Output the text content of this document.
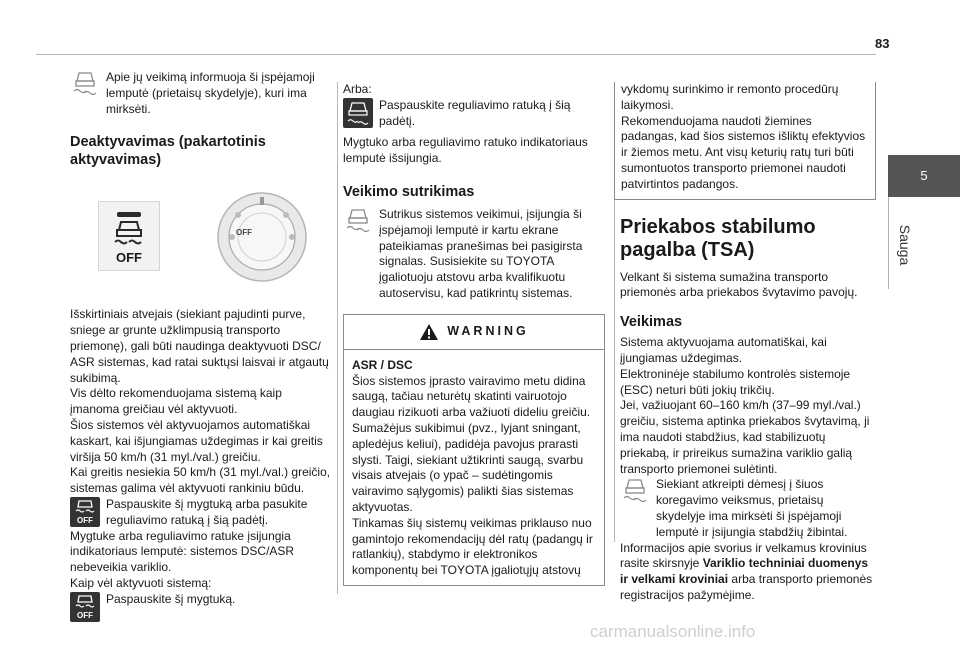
83
5
Sauga

Apie jų veikimą informuoja ši įspėjamoji lemputė (prietaisų skydelyje), kuri ima mirksėti.

Deaktyvavimas (pakartotinis aktyvavimas)

OFF
OFF

Išskirtiniais atvejais (siekiant pajudinti purve, sniege ar grunte užklimpusią transporto priemonę), gali būti naudinga deaktyvuoti DSC/ ASR sistemas, kad ratai suktųsi laisvai ir atgautų sukibimą.

Vis dėlto rekomenduojama sistemą kaip įmanoma greičiau vėl aktyvuoti.

Šios sistemos vėl aktyvuojamos automatiškai kaskart, kai išjungiamas uždegimas ir kai greitis viršija 50 km/h (31 myl./val.) greičiu.

Kai greitis nesiekia 50 km/h (31 myl./val.) greičio, sistemas galima vėl aktyvuoti rankiniu būdu.

OFF
Paspauskite šį mygtuką arba pasukite reguliavimo ratuką į šią padėtį.

Mygtuke arba reguliavimo ratuke įsijungia indikatoriaus lemputė: sistemos DSC/ASR nebeveikia variklio.

Kaip vėl aktyvuoti sistemą:

OFF
Paspauskite šį mygtuką.

Arba:

Paspauskite reguliavimo ratuką į šią padėtį.

Mygtuko arba reguliavimo ratuko indikatoriaus lemputė išsijungia.

Veikimo sutrikimas

Sutrikus sistemos veikimui, įsijungia ši įspėjamoji lemputė ir kartu ekrane pateikiamas pranešimas bei pasigirsta signalas. Susisiekite su TOYOTA įgaliotuoju atstovu arba kvalifikuotu autoservisu, kad patikrintų sistemas.

WARNING

ASR / DSC

Šios sistemos įprasto vairavimo metu didina saugą, tačiau neturėtų skatinti vairuotojo daugiau rizikuoti arba važiuoti dideliu greičiu.

Sumažėjus sukibimui (pvz., lyjant sningant, apledėjus keliui), padidėja pavojus prarasti slysti. Taigi, siekiant užtikrinti saugą, svarbu visais atvejais (o ypač – sudėtingomis vairavimo sąlygomis) palikti šias sistemas aktyvuotas.

Tinkamas šių sistemų veikimas priklauso nuo gamintojo rekomendacijų dėl ratų (padangų ir ratlankių), stabdymo ir elektronikos komponentų bei TOYOTA įgaliotųjų atstovų

vykdomų surinkimo ir remonto procedūrų laikymosi.

Rekomenduojama naudoti žiemines padangas, kad šios sistemos išliktų efektyvios ir žiemos metu. Ant visų keturių ratų turi būti sumontuotos transporto priemonei naudoti patvirtintos padangos.

Priekabos stabilumo pagalba (TSA)

Velkant ši sistema sumažina transporto priemonės arba priekabos švytavimo pavojų.

Veikimas

Sistema aktyvuojama automatiškai, kai įjungiamas uždegimas.

Elektroninėje stabilumo kontrolės sistemoje (ESC) neturi būti jokių trikčių.

Jei, važiuojant 60–160 km/h (37–99 myl./val.) greičiu, sistema aptinka priekabos švytavimą, ji ima naudoti stabdžius, kad stabilizuotų priekabą, ir prireikus sumažina variklio galią transporto priemonei sulėtinti.

Siekiant atkreipti dėmesį į šiuos koregavimo veiksmus, prietaisų skydelyje ima mirksėti ši įspėjamoji lemputė ir įsijungia stabdžių žibintai.

Informacijos apie svorius ir velkamus krovinius rasite skirsnyje Variklio techniniai duomenys ir velkami kroviniai arba transporto priemonės registracijos pažymėjime.

carmanualsonline.info
